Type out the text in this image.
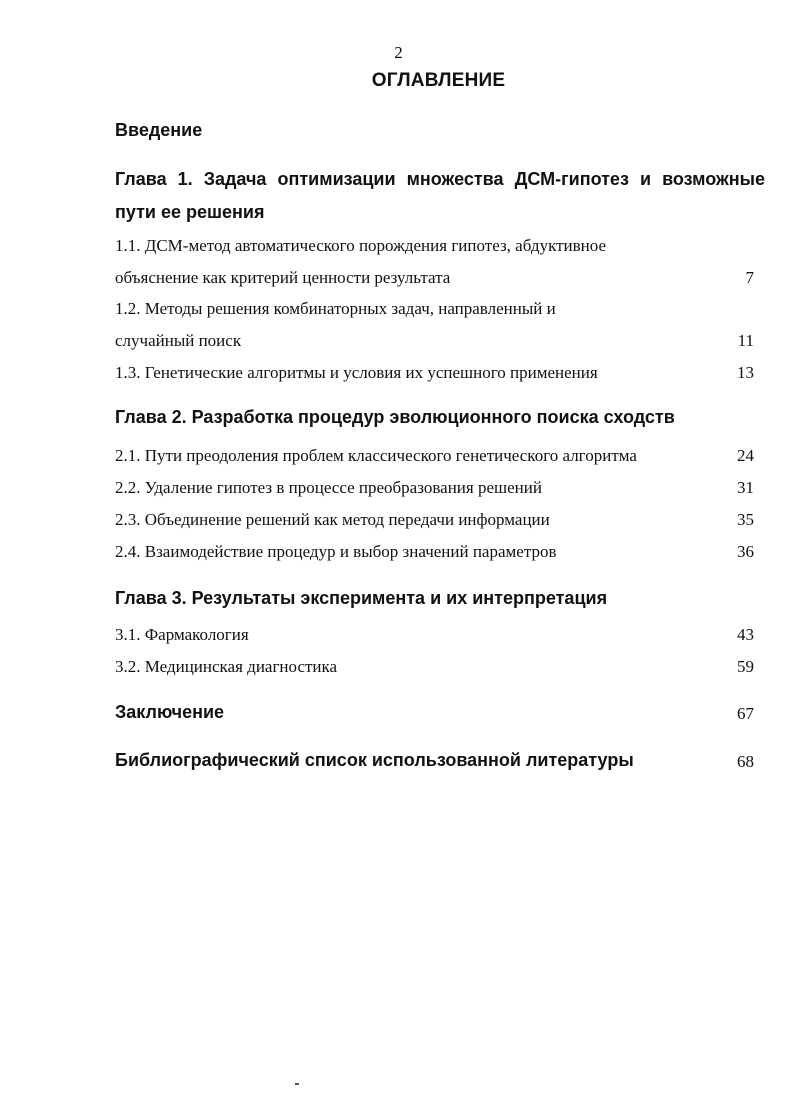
2
ОГЛАВЛЕНИЕ
Введение
Глава 1. Задача оптимизации множества ДСМ-гипотез и возможные
пути ее решения
1.1. ДСМ-метод автоматического порождения гипотез, абдуктивное
объяснение как критерий ценности результата	7
1.2. Методы решения комбинаторных задач, направленный и
случайный поиск	11
1.3. Генетические алгоритмы и условия их успешного применения	13
Глава 2. Разработка процедур эволюционного поиска сходств
2.1. Пути преодоления проблем классического генетического алгоритма	24
2.2. Удаление гипотез в процессе преобразования решений	31
2.3. Объединение решений как метод передачи информации	35
2.4. Взаимодействие процедур и выбор значений параметров	36
Глава 3. Результаты эксперимента и их интерпретация
3.1. Фармакология	43
3.2. Медицинская диагностика	59
Заключение	67
Библиографический список использованной литературы	68
